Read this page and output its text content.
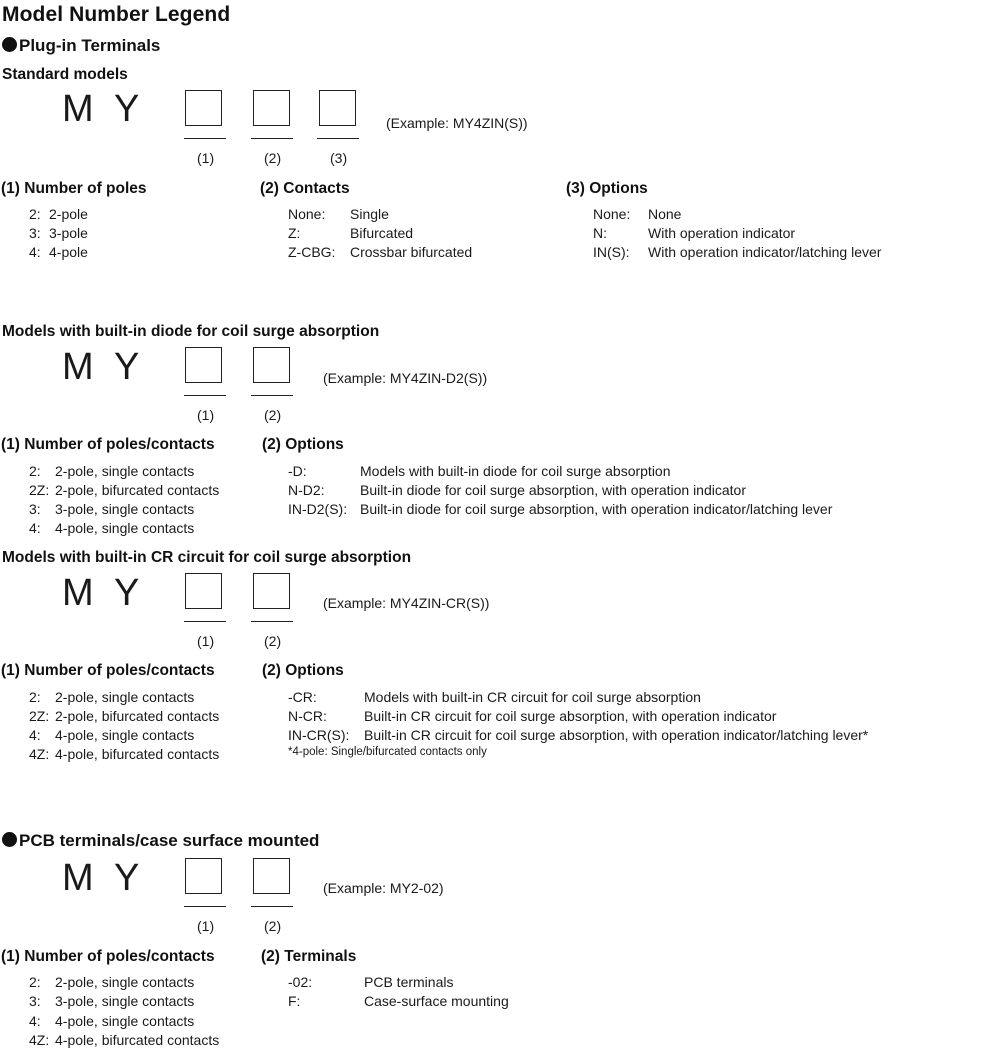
Model Number Legend
Plug-in Terminals
Standard models
M Y
(1)	(2)	(3)
(Example: MY4ZIN(S))
(1) Number of poles
2: 2-pole
3: 3-pole
4: 4-pole
(2) Contacts
None: Single
Z:	Bifurcated
Z-CBG: Crossbar bifurcated
(3) Options
None: None
N:	With operation indicator
IN(S): With operation indicator/latching lever
Models with built-in diode for coil surge absorption
M Y
(1)	(2)
(Example: MY4ZIN-D2(S))
(1) Number of poles/contacts
2: 2-pole, single contacts
2Z: 2-pole, bifurcated contacts
3: 3-pole, single contacts
4: 4-pole, single contacts
(2) Options
-D:	Models with built-in diode for coil surge absorption
N-D2:	Built-in diode for coil surge absorption, with operation indicator
IN-D2(S): Built-in diode for coil surge absorption, with operation indicator/latching lever
Models with built-in CR circuit for coil surge absorption
M Y
(1)	(2)
(Example: MY4ZIN-CR(S))
(1) Number of poles/contacts
2: 2-pole, single contacts
2Z: 2-pole, bifurcated contacts
4: 4-pole, single contacts
4Z: 4-pole, bifurcated contacts
(2) Options
-CR:	Models with built-in CR circuit for coil surge absorption
N-CR:	Built-in CR circuit for coil surge absorption, with operation indicator
IN-CR(S): Built-in CR circuit for coil surge absorption, with operation indicator/latching lever*
*4-pole: Single/bifurcated contacts only
PCB terminals/case surface mounted
M Y
(1)	(2)
(Example: MY2-02)
(1) Number of poles/contacts
2: 2-pole, single contacts
3: 3-pole, single contacts
4: 4-pole, single contacts
4Z: 4-pole, bifurcated contacts
(2) Terminals
-02:	PCB terminals
F:	Case-surface mounting
